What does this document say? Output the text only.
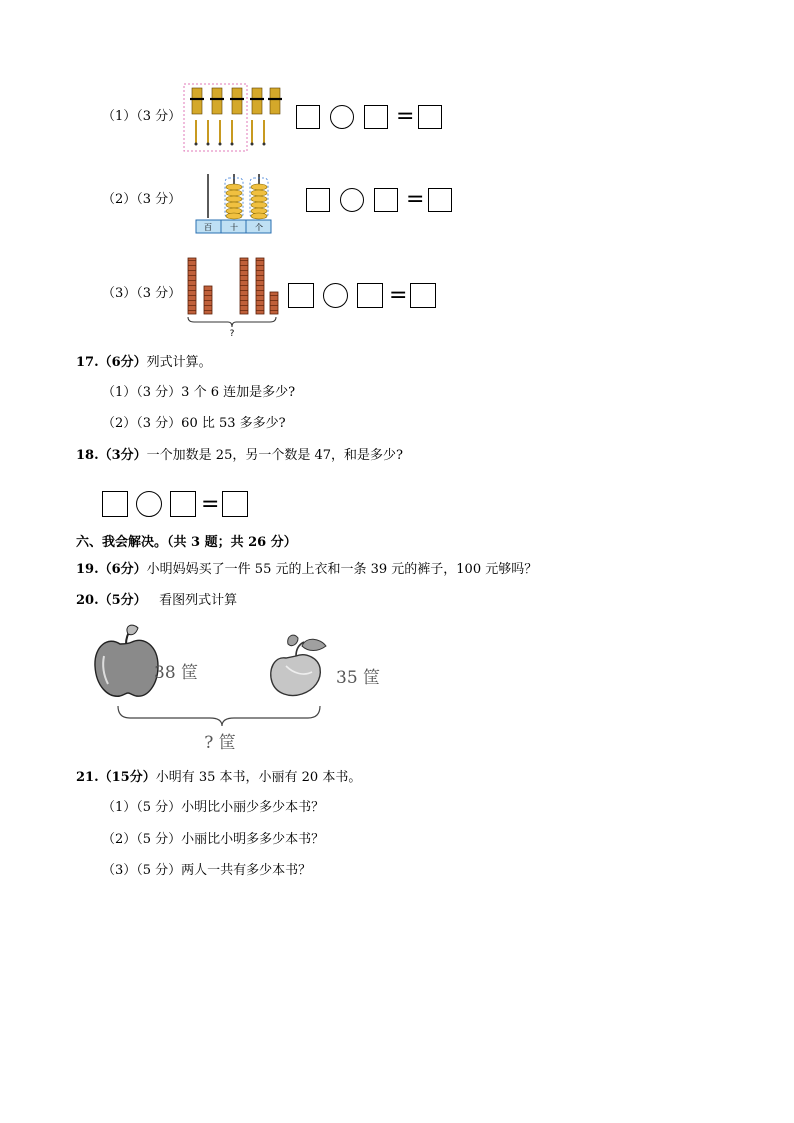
（1）（3 分）	=
（2）（3 分）
百 十 个
=
（3）（3 分）
?
=
17.（6分）列式计算。
（1）（3 分）3 个 6 连加是多少?
（2）（3 分）60 比 53 多多少?
18.（3分）一个加数是 25，另一个数是 47，和是多少?
=
六、我会解决。（共 3 题；共 26 分）
19.（6分）小明妈妈买了一件 55 元的上衣和一条 39 元的裤子，100 元够吗？
20.（5分） 看图列式计算
38 筐	35 筐
? 筐
21.（15分）小明有 35 本书，小丽有 20 本书。
（1）（5 分）小明比小丽少多少本书？
（2）（5 分）小丽比小明多多少本书？
（3）（5 分）两人一共有多少本书？
